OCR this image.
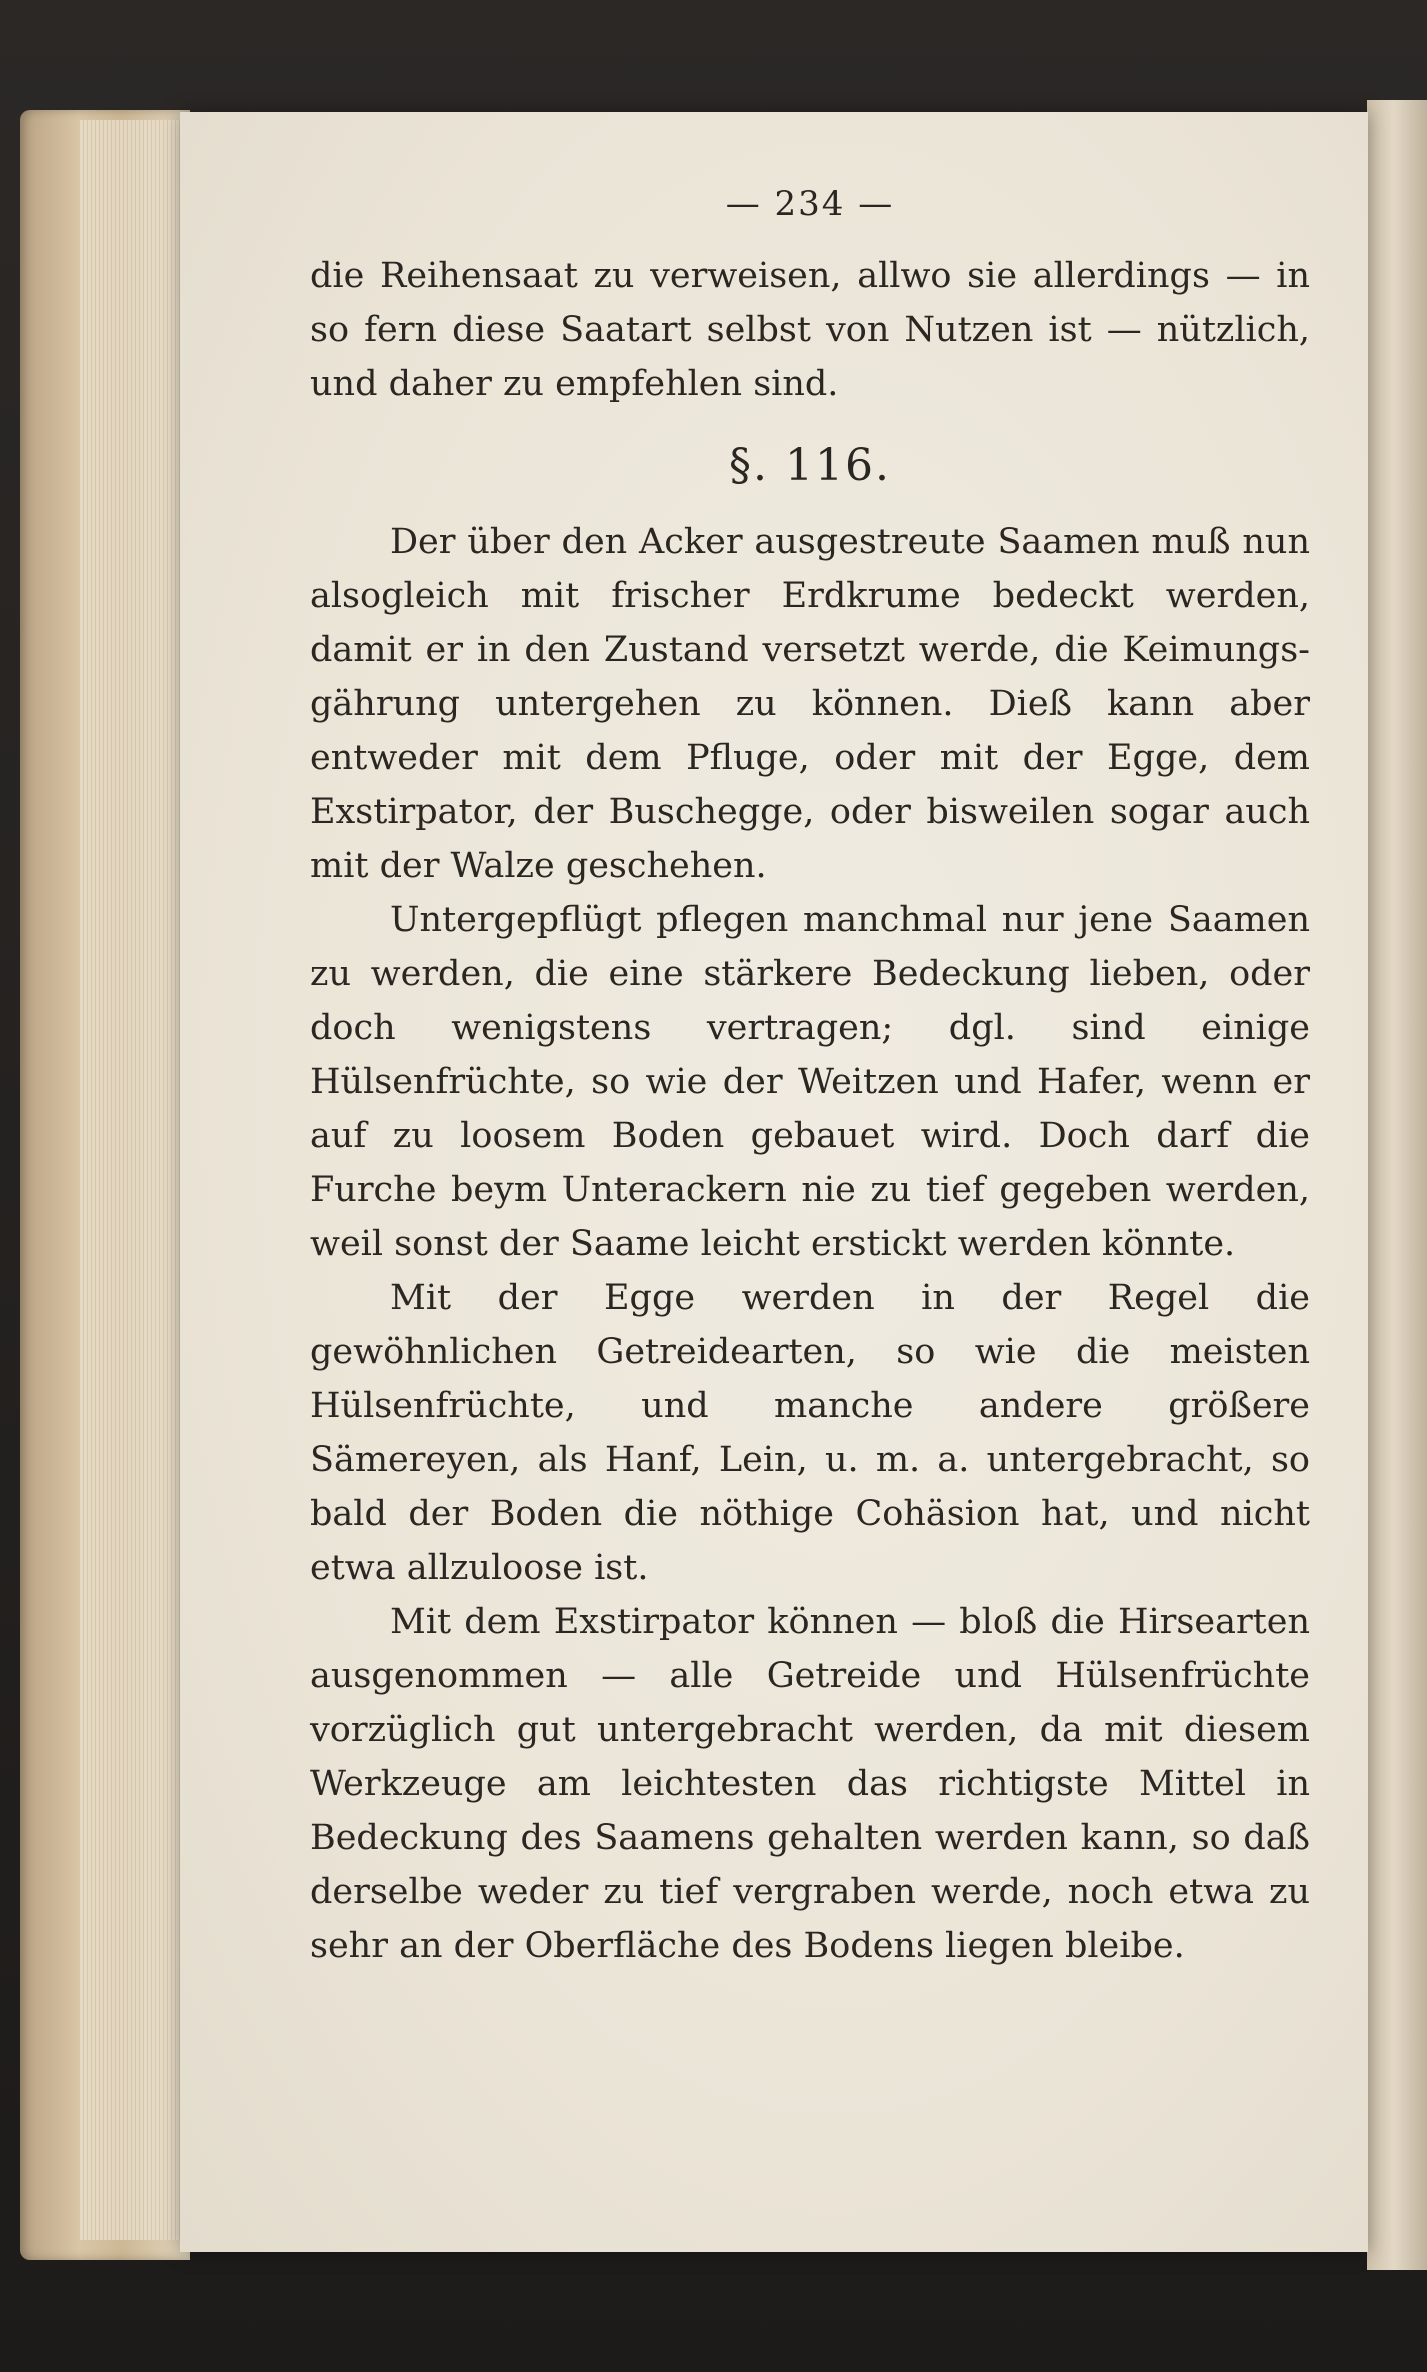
— 234 —

die Reihensaat zu verweisen, allwo sie allerdings — in so fern diese Saatart selbst von Nutzen ist — nützlich, und daher zu empfehlen sind.

§. 116.

Der über den Acker ausgestreute Saamen muß nun alsogleich mit frischer Erdkrume bedeckt werden, damit er in den Zustand versetzt werde, die Keimungs-gährung untergehen zu können. Dieß kann aber entweder mit dem Pfluge, oder mit der Egge, dem Exstirpator, der Buschegge, oder bisweilen sogar auch mit der Walze geschehen.

Untergepflügt pflegen manchmal nur jene Saamen zu werden, die eine stärkere Bedeckung lieben, oder doch wenigstens vertragen; dgl. sind einige Hülsenfrüchte, so wie der Weitzen und Hafer, wenn er auf zu loosem Boden gebauet wird. Doch darf die Furche beym Unterackern nie zu tief gegeben werden, weil sonst der Saame leicht erstickt werden könnte.

Mit der Egge werden in der Regel die gewöhnlichen Getreidearten, so wie die meisten Hülsenfrüchte, und manche andere größere Sämereyen, als Hanf, Lein, u. m. a. untergebracht, so bald der Boden die nöthige Cohäsion hat, und nicht etwa allzuloose ist.

Mit dem Exstirpator können — bloß die Hirsearten ausgenommen — alle Getreide und Hülsenfrüchte vorzüglich gut untergebracht werden, da mit diesem Werkzeuge am leichtesten das richtigste Mittel in Bedeckung des Saamens gehalten werden kann, so daß derselbe weder zu tief vergraben werde, noch etwa zu sehr an der Oberfläche des Bodens liegen bleibe.
